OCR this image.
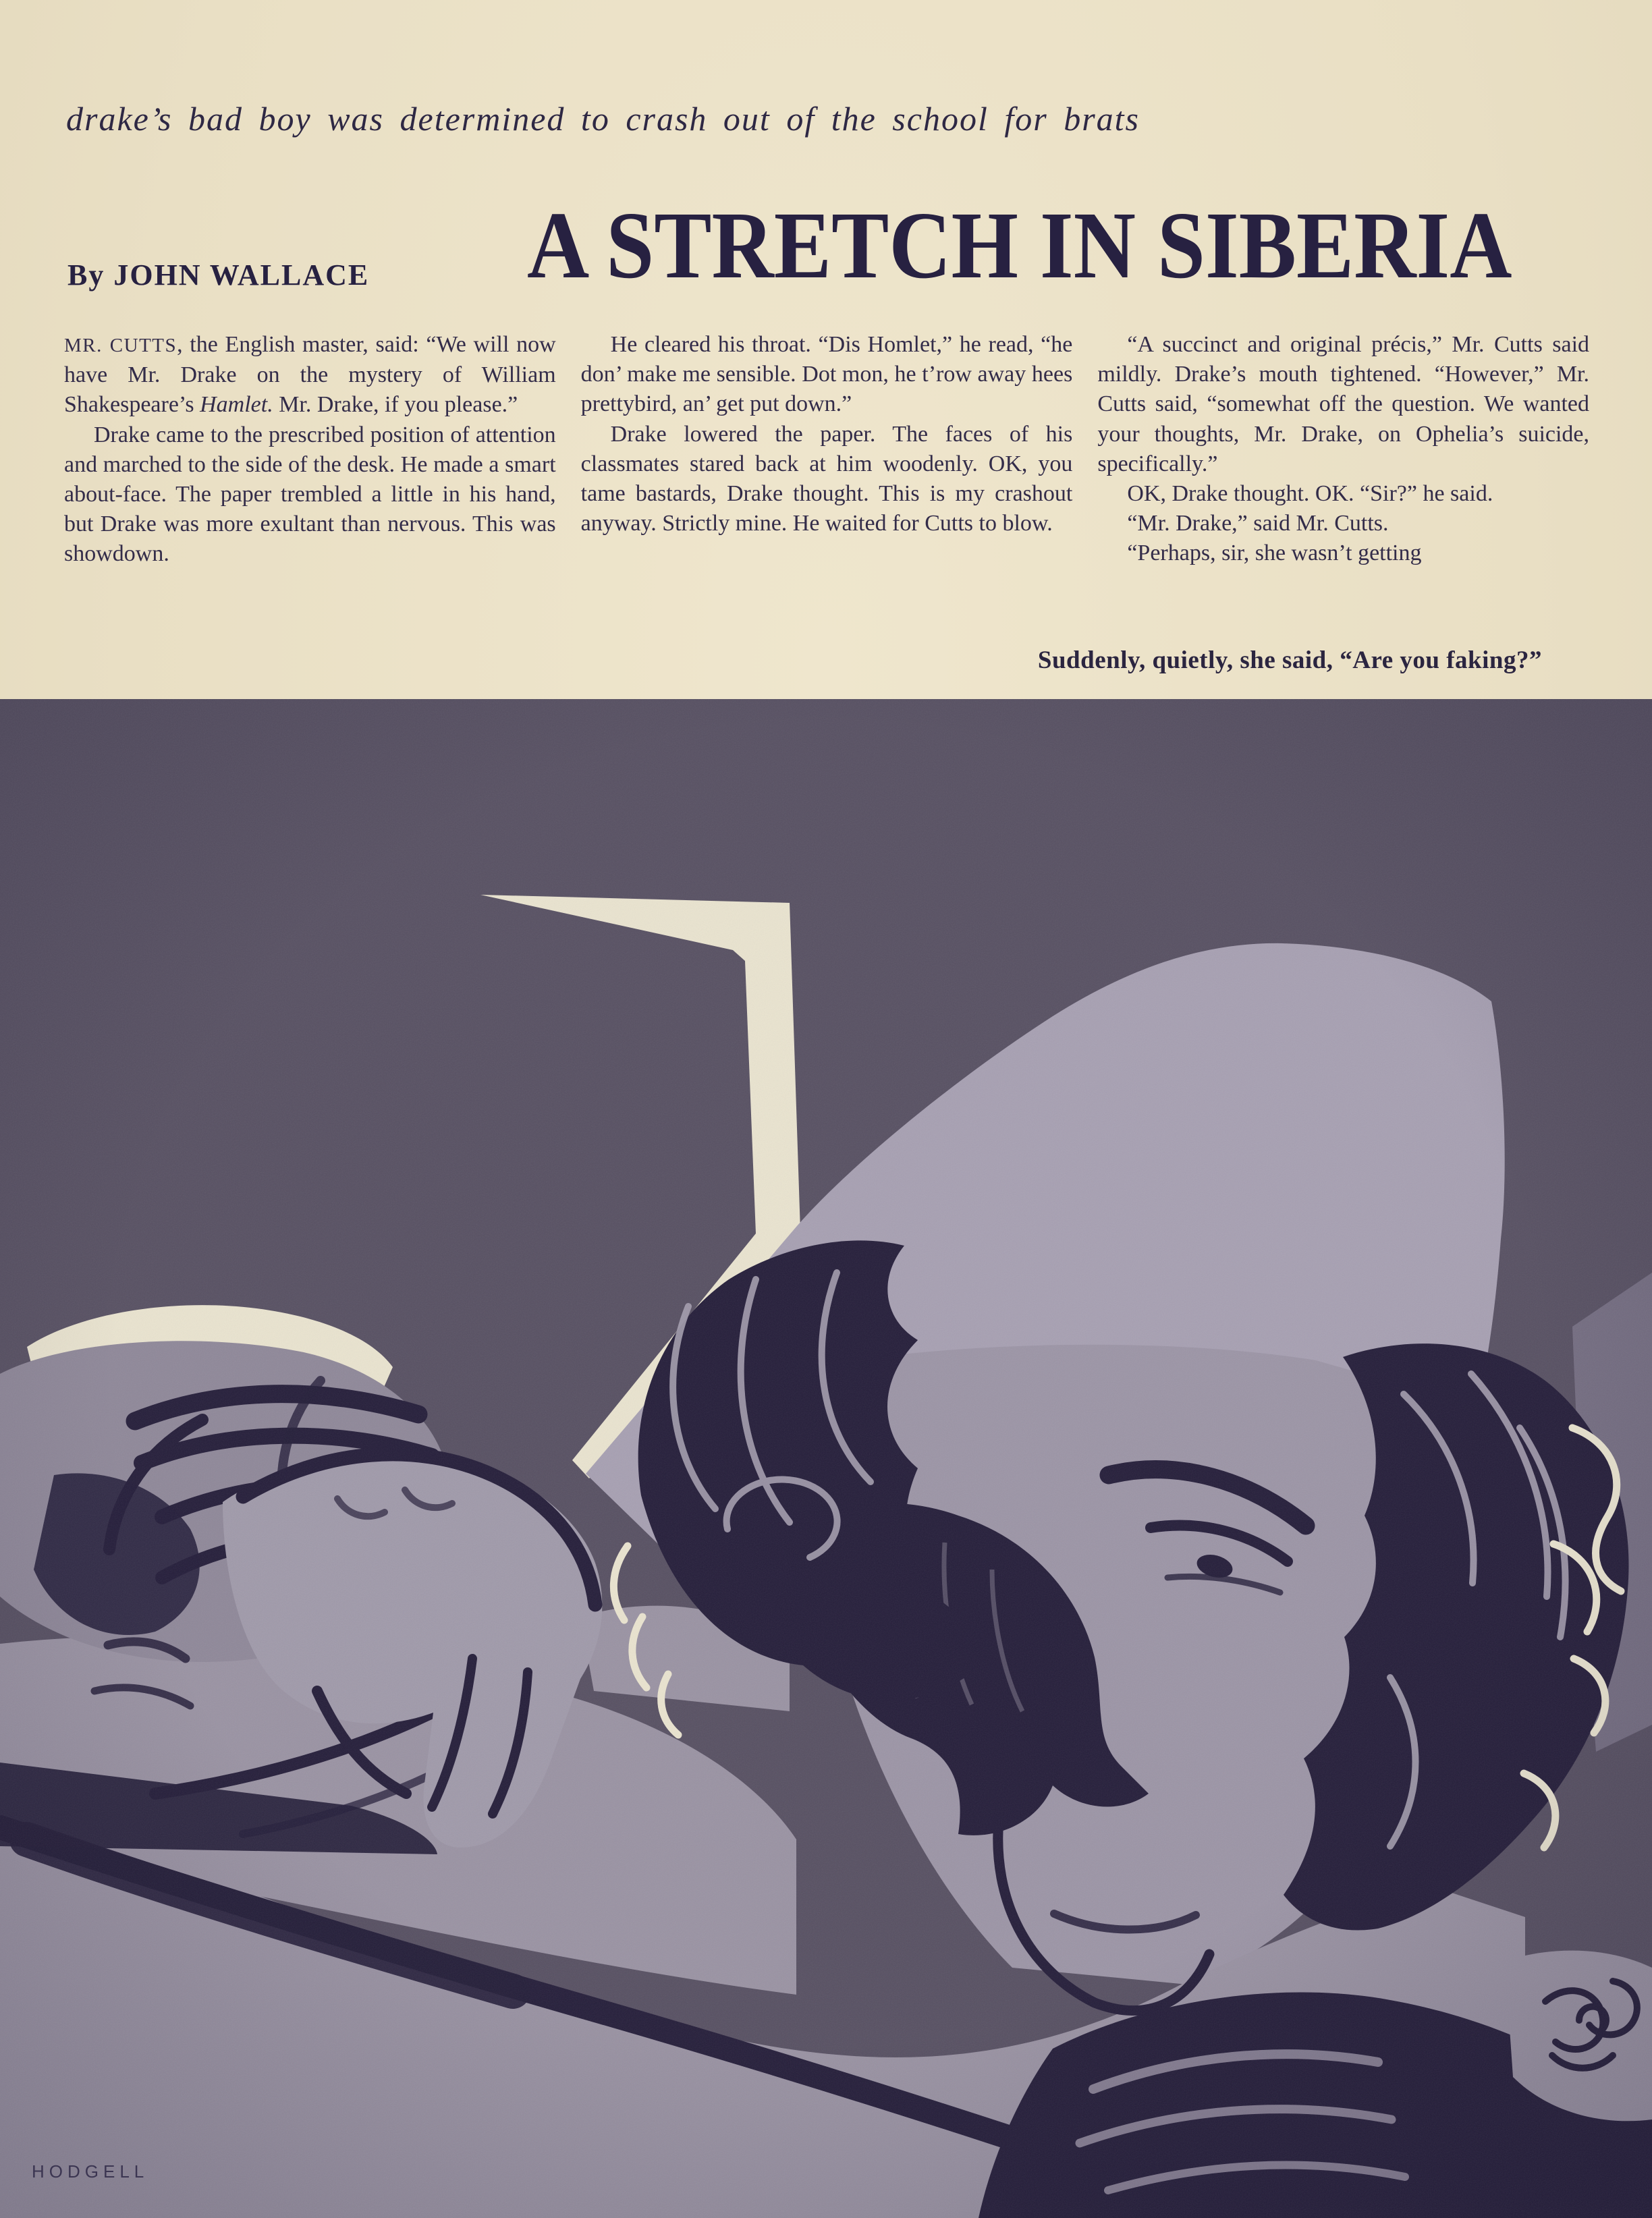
drake’s bad boy was determined to crash out of the school for brats
By JOHN WALLACE A STRETCH IN SIBERIA

MR. CUTTS, the English master, said: “We will now have Mr. Drake on the mystery of William Shakespeare’s Hamlet. Mr. Drake, if you please.”

Drake came to the prescribed position of attention and marched to the side of the desk. He made a smart about-face. The paper trembled a little in his hand, but Drake was more exultant than nervous. This was showdown.

He cleared his throat. “Dis Homlet,” he read, “he don’ make me sensible. Dot mon, he t’row away hees prettybird, an’ get put down.”

Drake lowered the paper. The faces of his classmates stared back at him woodenly. OK, you tame bastards, Drake thought. This is my crashout anyway. Strictly mine. He waited for Cutts to blow.

“A succinct and original précis,” Mr. Cutts said mildly. Drake’s mouth tightened. “However,” Mr. Cutts said, “somewhat off the question. We wanted your thoughts, Mr. Drake, on Ophelia’s suicide, specifically.”

OK, Drake thought. OK. “Sir?” he said.

“Mr. Drake,” said Mr. Cutts.

“Perhaps, sir, she wasn’t getting

Suddenly, quietly, she said, “Are you faking?”
HODGELL
